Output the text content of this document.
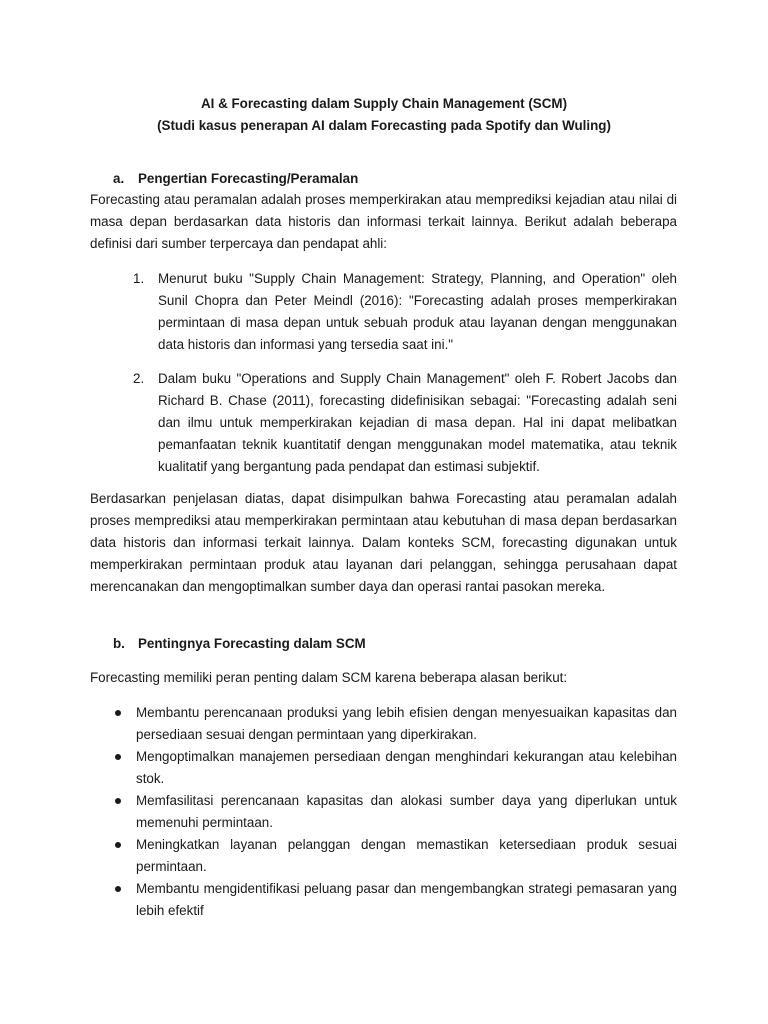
AI & Forecasting dalam Supply Chain Management (SCM)
(Studi kasus penerapan AI dalam Forecasting pada Spotify dan Wuling)
a. Pengertian Forecasting/Peramalan
Forecasting atau peramalan adalah proses memperkirakan atau memprediksi kejadian atau nilai di masa depan berdasarkan data historis dan informasi terkait lainnya. Berikut adalah beberapa definisi dari sumber terpercaya dan pendapat ahli:
1. Menurut buku "Supply Chain Management: Strategy, Planning, and Operation" oleh Sunil Chopra dan Peter Meindl (2016): "Forecasting adalah proses memperkirakan permintaan di masa depan untuk sebuah produk atau layanan dengan menggunakan data historis dan informasi yang tersedia saat ini."
2. Dalam buku "Operations and Supply Chain Management" oleh F. Robert Jacobs dan Richard B. Chase (2011), forecasting didefinisikan sebagai: "Forecasting adalah seni dan ilmu untuk memperkirakan kejadian di masa depan. Hal ini dapat melibatkan pemanfaatan teknik kuantitatif dengan menggunakan model matematika, atau teknik kualitatif yang bergantung pada pendapat dan estimasi subjektif.
Berdasarkan penjelasan diatas, dapat disimpulkan bahwa Forecasting atau peramalan adalah proses memprediksi atau memperkirakan permintaan atau kebutuhan di masa depan berdasarkan data historis dan informasi terkait lainnya. Dalam konteks SCM, forecasting digunakan untuk memperkirakan permintaan produk atau layanan dari pelanggan, sehingga perusahaan dapat merencanakan dan mengoptimalkan sumber daya dan operasi rantai pasokan mereka.
b. Pentingnya Forecasting dalam SCM
Forecasting memiliki peran penting dalam SCM karena beberapa alasan berikut:
Membantu perencanaan produksi yang lebih efisien dengan menyesuaikan kapasitas dan persediaan sesuai dengan permintaan yang diperkirakan.
Mengoptimalkan manajemen persediaan dengan menghindari kekurangan atau kelebihan stok.
Memfasilitasi perencanaan kapasitas dan alokasi sumber daya yang diperlukan untuk memenuhi permintaan.
Meningkatkan layanan pelanggan dengan memastikan ketersediaan produk sesuai permintaan.
Membantu mengidentifikasi peluang pasar dan mengembangkan strategi pemasaran yang lebih efektif
